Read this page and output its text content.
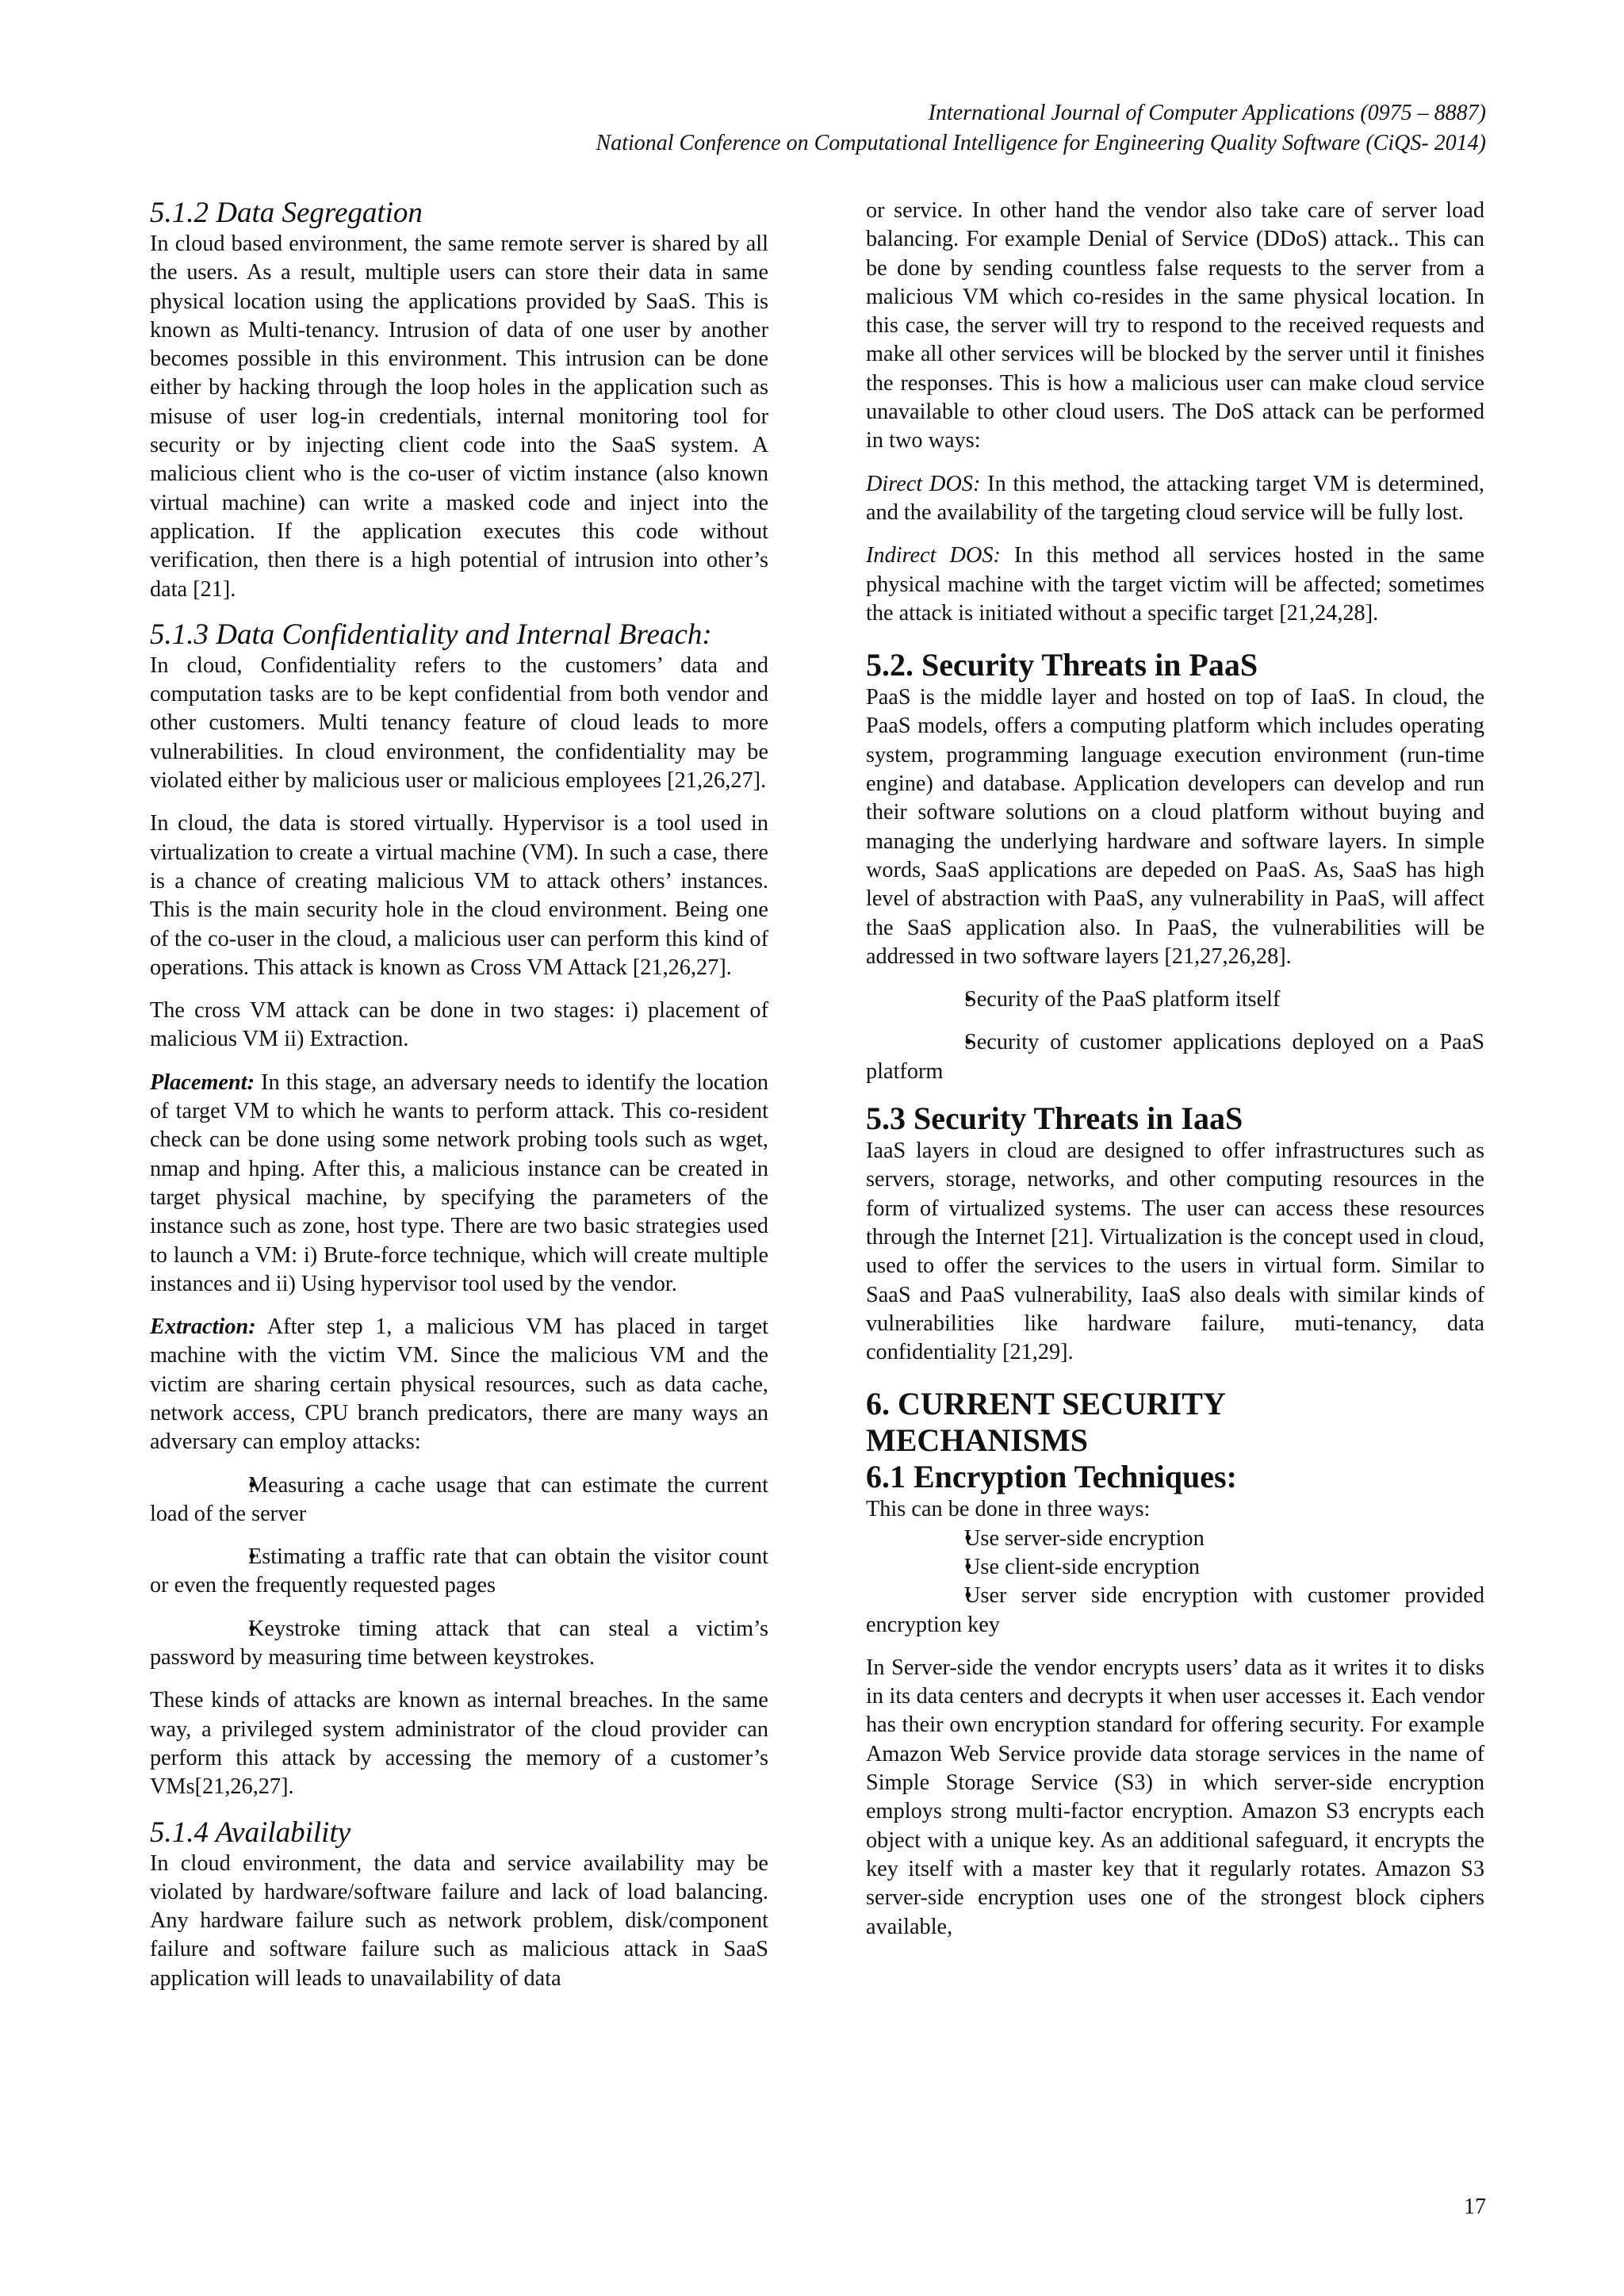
International Journal of Computer Applications (0975 – 8887)
National Conference on Computational Intelligence for Engineering Quality Software (CiQS- 2014)
5.1.2 Data Segregation

In cloud based environment, the same remote server is shared by all the users. As a result, multiple users can store their data in same physical location using the applications provided by SaaS. This is known as Multi-tenancy. Intrusion of data of one user by another becomes possible in this environment. This intrusion can be done either by hacking through the loop holes in the application such as misuse of user log-in credentials, internal monitoring tool for security or by injecting client code into the SaaS system. A malicious client who is the co-user of victim instance (also known virtual machine) can write a masked code and inject into the application. If the application executes this code without verification, then there is a high potential of intrusion into other’s data [21].

5.1.3 Data Confidentiality and Internal Breach:

In cloud, Confidentiality refers to the customers’ data and computation tasks are to be kept confidential from both vendor and other customers. Multi tenancy feature of cloud leads to more vulnerabilities. In cloud environment, the confidentiality may be violated either by malicious user or malicious employees [21,26,27].

In cloud, the data is stored virtually. Hypervisor is a tool used in virtualization to create a virtual machine (VM). In such a case, there is a chance of creating malicious VM to attack others’ instances. This is the main security hole in the cloud environment. Being one of the co-user in the cloud, a malicious user can perform this kind of operations. This attack is known as Cross VM Attack [21,26,27].

The cross VM attack can be done in two stages: i) placement of malicious VM ii) Extraction.

Placement: In this stage, an adversary needs to identify the location of target VM to which he wants to perform attack. This co-resident check can be done using some network probing tools such as wget, nmap and hping. After this, a malicious instance can be created in target physical machine, by specifying the parameters of the instance such as zone, host type. There are two basic strategies used to launch a VM: i) Brute-force technique, which will create multiple instances and ii) Using hypervisor tool used by the vendor.

Extraction: After step 1, a malicious VM has placed in target machine with the victim VM. Since the malicious VM and the victim are sharing certain physical resources, such as data cache, network access, CPU branch predicators, there are many ways an adversary can employ attacks:

• Measuring a cache usage that can estimate the current load of the server

• Estimating a traffic rate that can obtain the visitor count or even the frequently requested pages

• Keystroke timing attack that can steal a victim’s password by measuring time between keystrokes.

These kinds of attacks are known as internal breaches. In the same way, a privileged system administrator of the cloud provider can perform this attack by accessing the memory of a customer’s VMs[21,26,27].

5.1.4 Availability

In cloud environment, the data and service availability may be violated by hardware/software failure and lack of load balancing. Any hardware failure such as network problem, disk/component failure and software failure such as malicious attack in SaaS application will leads to unavailability of data

or service. In other hand the vendor also take care of server load balancing. For example Denial of Service (DDoS) attack.. This can be done by sending countless false requests to the server from a malicious VM which co-resides in the same physical location. In this case, the server will try to respond to the received requests and make all other services will be blocked by the server until it finishes the responses. This is how a malicious user can make cloud service unavailable to other cloud users. The DoS attack can be performed in two ways:

Direct DOS: In this method, the attacking target VM is determined, and the availability of the targeting cloud service will be fully lost.

Indirect DOS: In this method all services hosted in the same physical machine with the target victim will be affected; sometimes the attack is initiated without a specific target [21,24,28].

5.2. Security Threats in PaaS

PaaS is the middle layer and hosted on top of IaaS. In cloud, the PaaS models, offers a computing platform which includes operating system, programming language execution environment (run-time engine) and database. Application developers can develop and run their software solutions on a cloud platform without buying and managing the underlying hardware and software layers. In simple words, SaaS applications are depeded on PaaS. As, SaaS has high level of abstraction with PaaS, any vulnerability in PaaS, will affect the SaaS application also. In PaaS, the vulnerabilities will be addressed in two software layers [21,27,26,28].

• Security of the PaaS platform itself

• Security of customer applications deployed on a PaaS platform

5.3 Security Threats in IaaS

IaaS layers in cloud are designed to offer infrastructures such as servers, storage, networks, and other computing resources in the form of virtualized systems. The user can access these resources through the Internet [21]. Virtualization is the concept used in cloud, used to offer the services to the users in virtual form. Similar to SaaS and PaaS vulnerability, IaaS also deals with similar kinds of vulnerabilities like hardware failure, muti-tenancy, data confidentiality [21,29].

6. CURRENT SECURITY
MECHANISMS
6.1 Encryption Techniques:

This can be done in three ways:

• Use server-side encryption

• Use client-side encryption

• User server side encryption with customer provided encryption key

In Server-side the vendor encrypts users’ data as it writes it to disks in its data centers and decrypts it when user accesses it. Each vendor has their own encryption standard for offering security. For example Amazon Web Service provide data storage services in the name of Simple Storage Service (S3) in which server-side encryption employs strong multi-factor encryption. Amazon S3 encrypts each object with a unique key. As an additional safeguard, it encrypts the key itself with a master key that it regularly rotates. Amazon S3 server-side encryption uses one of the strongest block ciphers available,

17
